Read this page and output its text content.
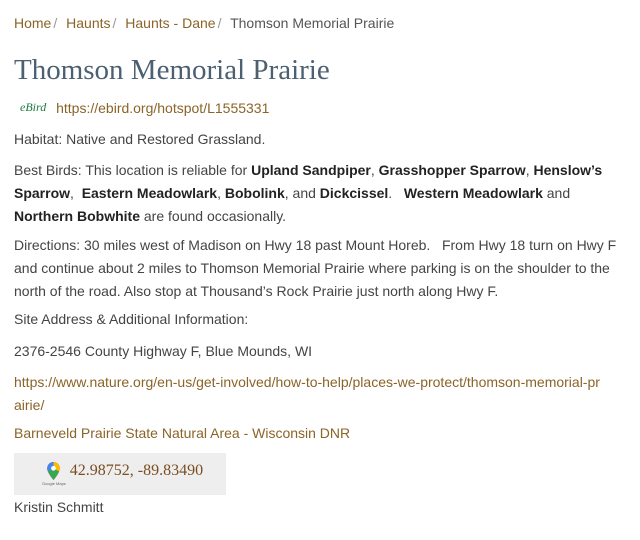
Home / Haunts / Haunts - Dane / Thomson Memorial Prairie
Thomson Memorial Prairie
eBird https://ebird.org/hotspot/L1555331

Habitat: Native and Restored Grassland.

Best Birds: This location is reliable for Upland Sandpiper, Grasshopper Sparrow, Henslow’s Sparrow,  Eastern Meadowlark, Bobolink, and Dickcissel. Western Meadowlark and Northern Bobwhite are found occasionally.

Directions: 30 miles west of Madison on Hwy 18 past Mount Horeb.   From Hwy 18 turn on Hwy F and continue about 2 miles to Thomson Memorial Prairie where parking is on the shoulder to the north of the road. Also stop at Thousand’s Rock Prairie just north along Hwy F.

Site Address & Additional Information:

2376-2546 County Highway F, Blue Mounds, WI

https://www.nature.org/en-us/get-involved/how-to-help/places-we-protect/thomson-memorial-prairie/

Barneveld Prairie State Natural Area - Wisconsin DNR

Google Maps
42.98752, -89.83490
Kristin Schmitt
